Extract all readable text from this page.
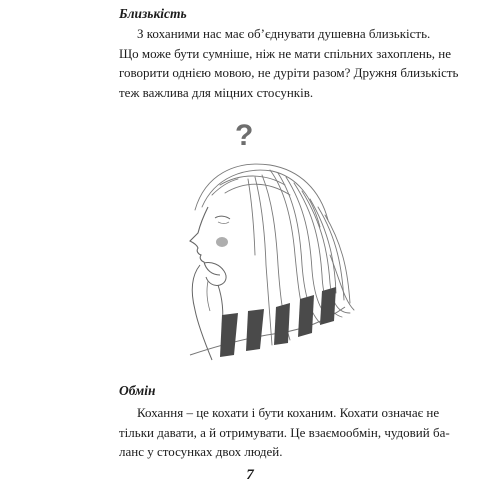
Близькість
З коханими нас має об’єднувати душевна близькість.
Що може бути сумніше, ніж не мати спільних захоплень, не
говорити однією мовою, не дуріти разом? Дружня близькість
теж важлива для міцних стосунків.
?
Обмін
Кохання – це кохати і бути коханим. Кохати означає не
тільки давати, а й отримувати. Це взаємообмін, чудовий ба-
ланс у стосунках двох людей.
7
